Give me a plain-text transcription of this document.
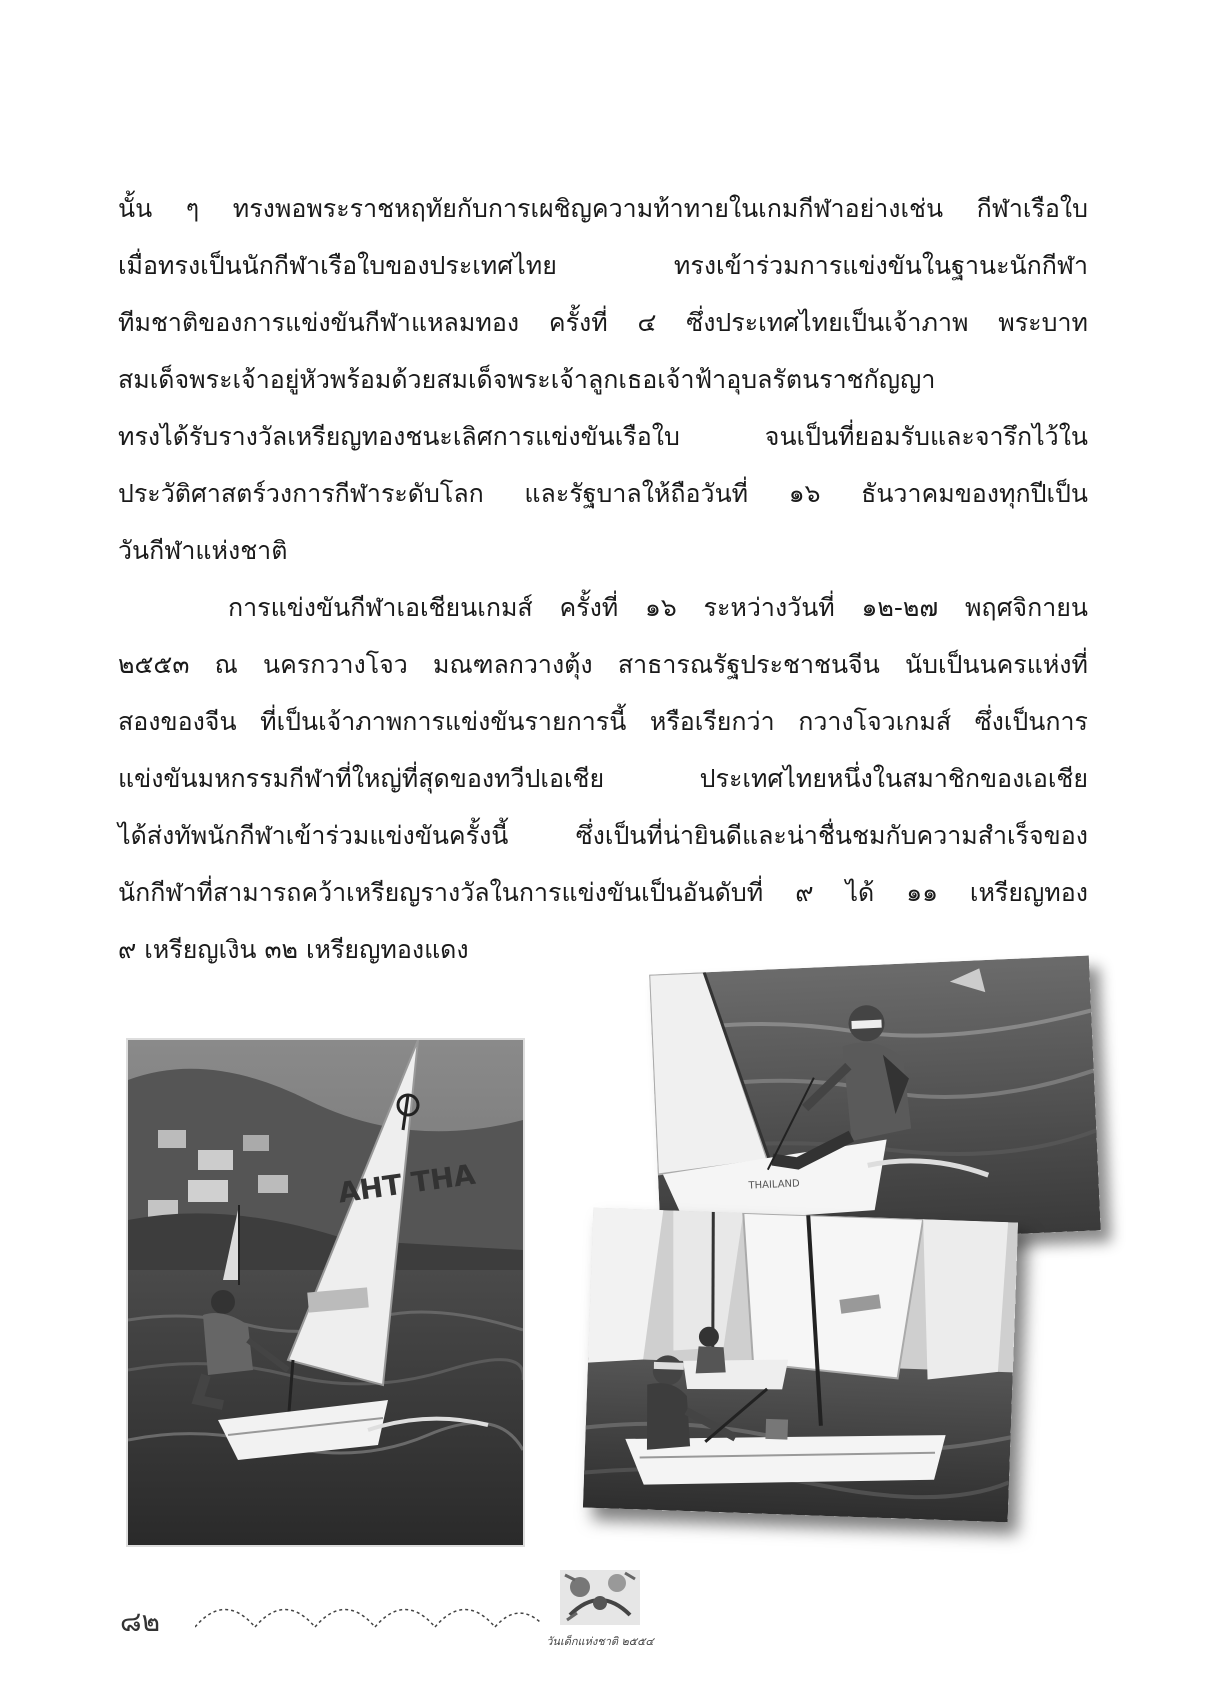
นั้น ๆ ทรงพอพระราชหฤทัยกับการเผชิญความท้าทายในเกมกีฬาอย่างเช่น กีฬาเรือใบ

เมื่อทรงเป็นนักกีฬาเรือใบของประเทศไทย ทรงเข้าร่วมการแข่งขันในฐานะนักกีฬา

ทีมชาติของการแข่งขันกีฬาแหลมทอง ครั้งที่ ๔ ซึ่งประเทศไทยเป็นเจ้าภาพ พระบาท

สมเด็จพระเจ้าอยู่หัวพร้อมด้วยสมเด็จพระเจ้าลูกเธอเจ้าฟ้าอุบลรัตนราชกัญญา

ทรงได้รับรางวัลเหรียญทองชนะเลิศการแข่งขันเรือใบ จนเป็นที่ยอมรับและจารึกไว้ใน

ประวัติศาสตร์วงการกีฬาระดับโลก และรัฐบาลให้ถือวันที่ ๑๖ ธันวาคมของทุกปีเป็น

วันกีฬาแห่งชาติ

การแข่งขันกีฬาเอเชียนเกมส์ ครั้งที่ ๑๖ ระหว่างวันที่ ๑๒-๒๗ พฤศจิกายน

๒๕๕๓ ณ นครกวางโจว มณฑลกวางตุ้ง สาธารณรัฐประชาชนจีน นับเป็นนครแห่งที่

สองของจีน ที่เป็นเจ้าภาพการแข่งขันรายการนี้ หรือเรียกว่า กวางโจวเกมส์ ซึ่งเป็นการ

แข่งขันมหกรรมกีฬาที่ใหญ่ที่สุดของทวีปเอเชีย ประเทศไทยหนึ่งในสมาชิกของเอเชีย

ได้ส่งทัพนักกีฬาเข้าร่วมแข่งขันครั้งนี้ ซึ่งเป็นที่น่ายินดีและน่าชื่นชมกับความสำเร็จของ

นักกีฬาที่สามารถคว้าเหรียญรางวัลในการแข่งขันเป็นอันดับที่ ๙ ได้ ๑๑ เหรียญทอง

๙ เหรียญเงิน ๓๒ เหรียญทองแดง

AHT THA	THAILAND
๘๒
วันเด็กแห่งชาติ ๒๕๕๔
